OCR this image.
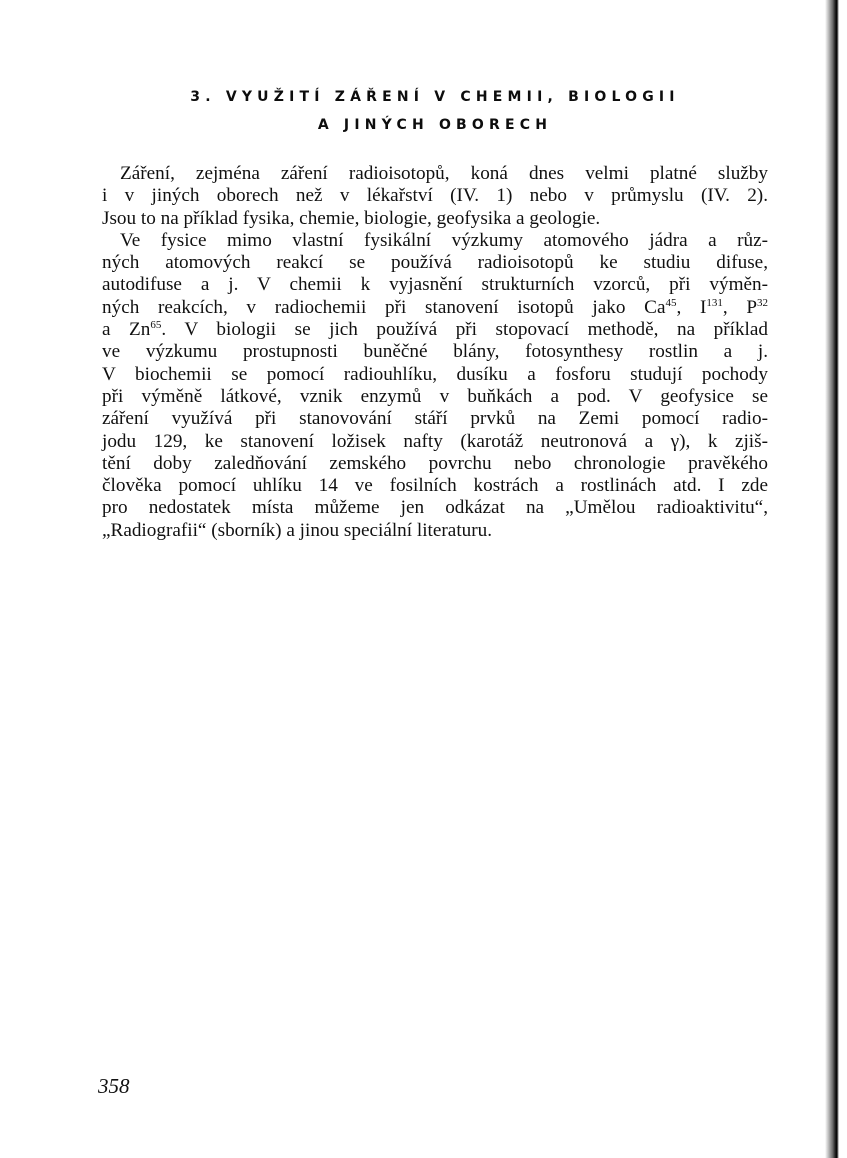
3. VYUŽITÍ ZÁŘENÍ V CHEMII, BIOLOGII
A JINÝCH OBORECH
Záření, zejména záření radioisotopů, koná dnes velmi platné služby
i v jiných oborech než v lékařství (IV. 1) nebo v průmyslu (IV. 2).
Jsou to na příklad fysika, chemie, biologie, geofysika a geologie.
Ve fysice mimo vlastní fysikální výzkumy atomového jádra a růz-
ných atomových reakcí se používá radioisotopů ke studiu difuse,
autodifuse a j. V chemii k vyjasnění strukturních vzorců, při výměn-
ných reakcích, v radiochemii při stanovení isotopů jako Ca$^{45}$, $I^{131}$, $P^{32}$
a Zn$^{65}$. V biologii se jich používá při stopovací methodě, na příklad
ve výzkumu prostupnosti buněčné blány, fotosynthesy rostlin a j.
V biochemii se pomocí radiouhlíku, dusíku a fosforu studují pochody
při výměně látkové, vznik enzymů v buňkách a pod. V geofysice se
záření využívá při stanovování stáří prvků na Zemi pomocí radio-
jodu 129, ke stanovení ložisek nafty (karotáž neutronová a γ), k zjiš-
tění doby zaledňování zemského povrchu nebo chronologie pravěkého
člověka pomocí uhlíku 14 ve fosilních kostrách a rostlinách atd. I zde
pro nedostatek místa můžeme jen odkázat na „Umělou radioaktivitu“,
„Radiografii“ (sborník) a jinou speciální literaturu.
358
